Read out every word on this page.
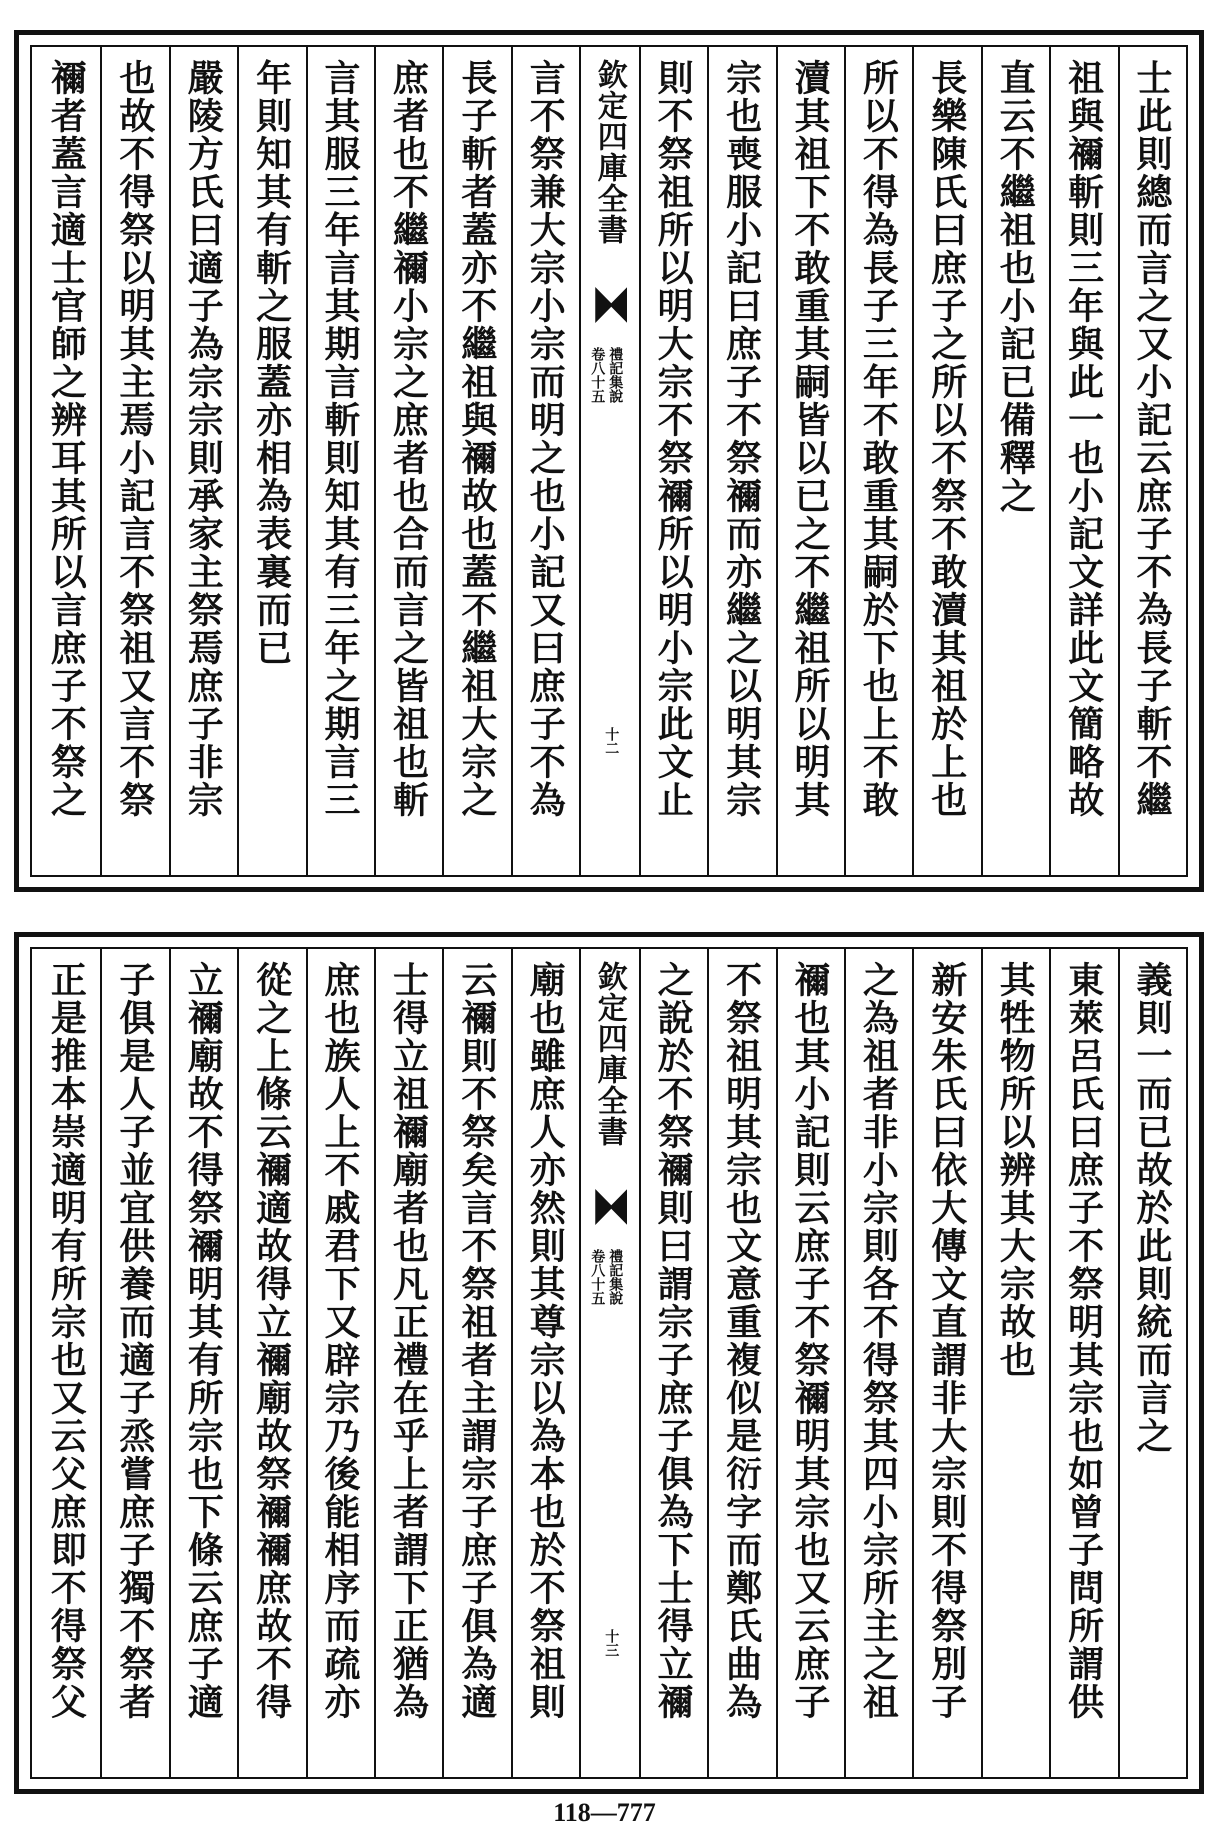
士此則總而言之又小記云庶子不為長子斬不繼
祖與禰斬則三年與此一也小記文詳此文簡略故
直云不繼祖也小記已備釋之
長樂陳氏曰庶子之所以不祭不敢瀆其祖於上也
所以不得為長子三年不敢重其嗣於下也上不敢
瀆其祖下不敢重其嗣皆以已之不繼祖所以明其
宗也喪服小記曰庶子不祭禰而亦繼之以明其宗
則不祭祖所以明大宗不祭禰所以明小宗此文止
欽定四庫全書
禮記集說
卷八十五
十二
言不祭兼大宗小宗而明之也小記又曰庶子不為
長子斬者蓋亦不繼祖與禰故也蓋不繼祖大宗之
庶者也不繼禰小宗之庶者也合而言之皆祖也斬
言其服三年言其期言斬則知其有三年之期言三
年則知其有斬之服蓋亦相為表裏而已
嚴陵方氏曰適子為宗宗則承家主祭焉庶子非宗
也故不得祭以明其主焉小記言不祭祖又言不祭
禰者蓋言適士官師之辨耳其所以言庶子不祭之
義則一而已故於此則統而言之
東萊呂氏曰庶子不祭明其宗也如曾子問所謂供
其牲物所以辨其大宗故也
新安朱氏曰依大傳文直謂非大宗則不得祭別子
之為祖者非小宗則各不得祭其四小宗所主之祖
禰也其小記則云庶子不祭禰明其宗也又云庶子
不祭祖明其宗也文意重複似是衍字而鄭氏曲為
之說於不祭禰則曰謂宗子庶子俱為下士得立禰
欽定四庫全書
禮記集說
卷八十五
十三
廟也雖庶人亦然則其尊宗以為本也於不祭祖則
云禰則不祭矣言不祭祖者主謂宗子庶子俱為適
士得立祖禰廟者也凡正禮在乎上者謂下正猶為
庶也族人上不戚君下又辟宗乃後能相序而疏亦
從之上條云禰適故得立禰廟故祭禰禰庶故不得
立禰廟故不得祭禰明其有所宗也下條云庶子適
子俱是人子並宜供養而適子烝嘗庶子獨不祭者
正是推本崇適明有所宗也又云父庶即不得祭父
118—777
